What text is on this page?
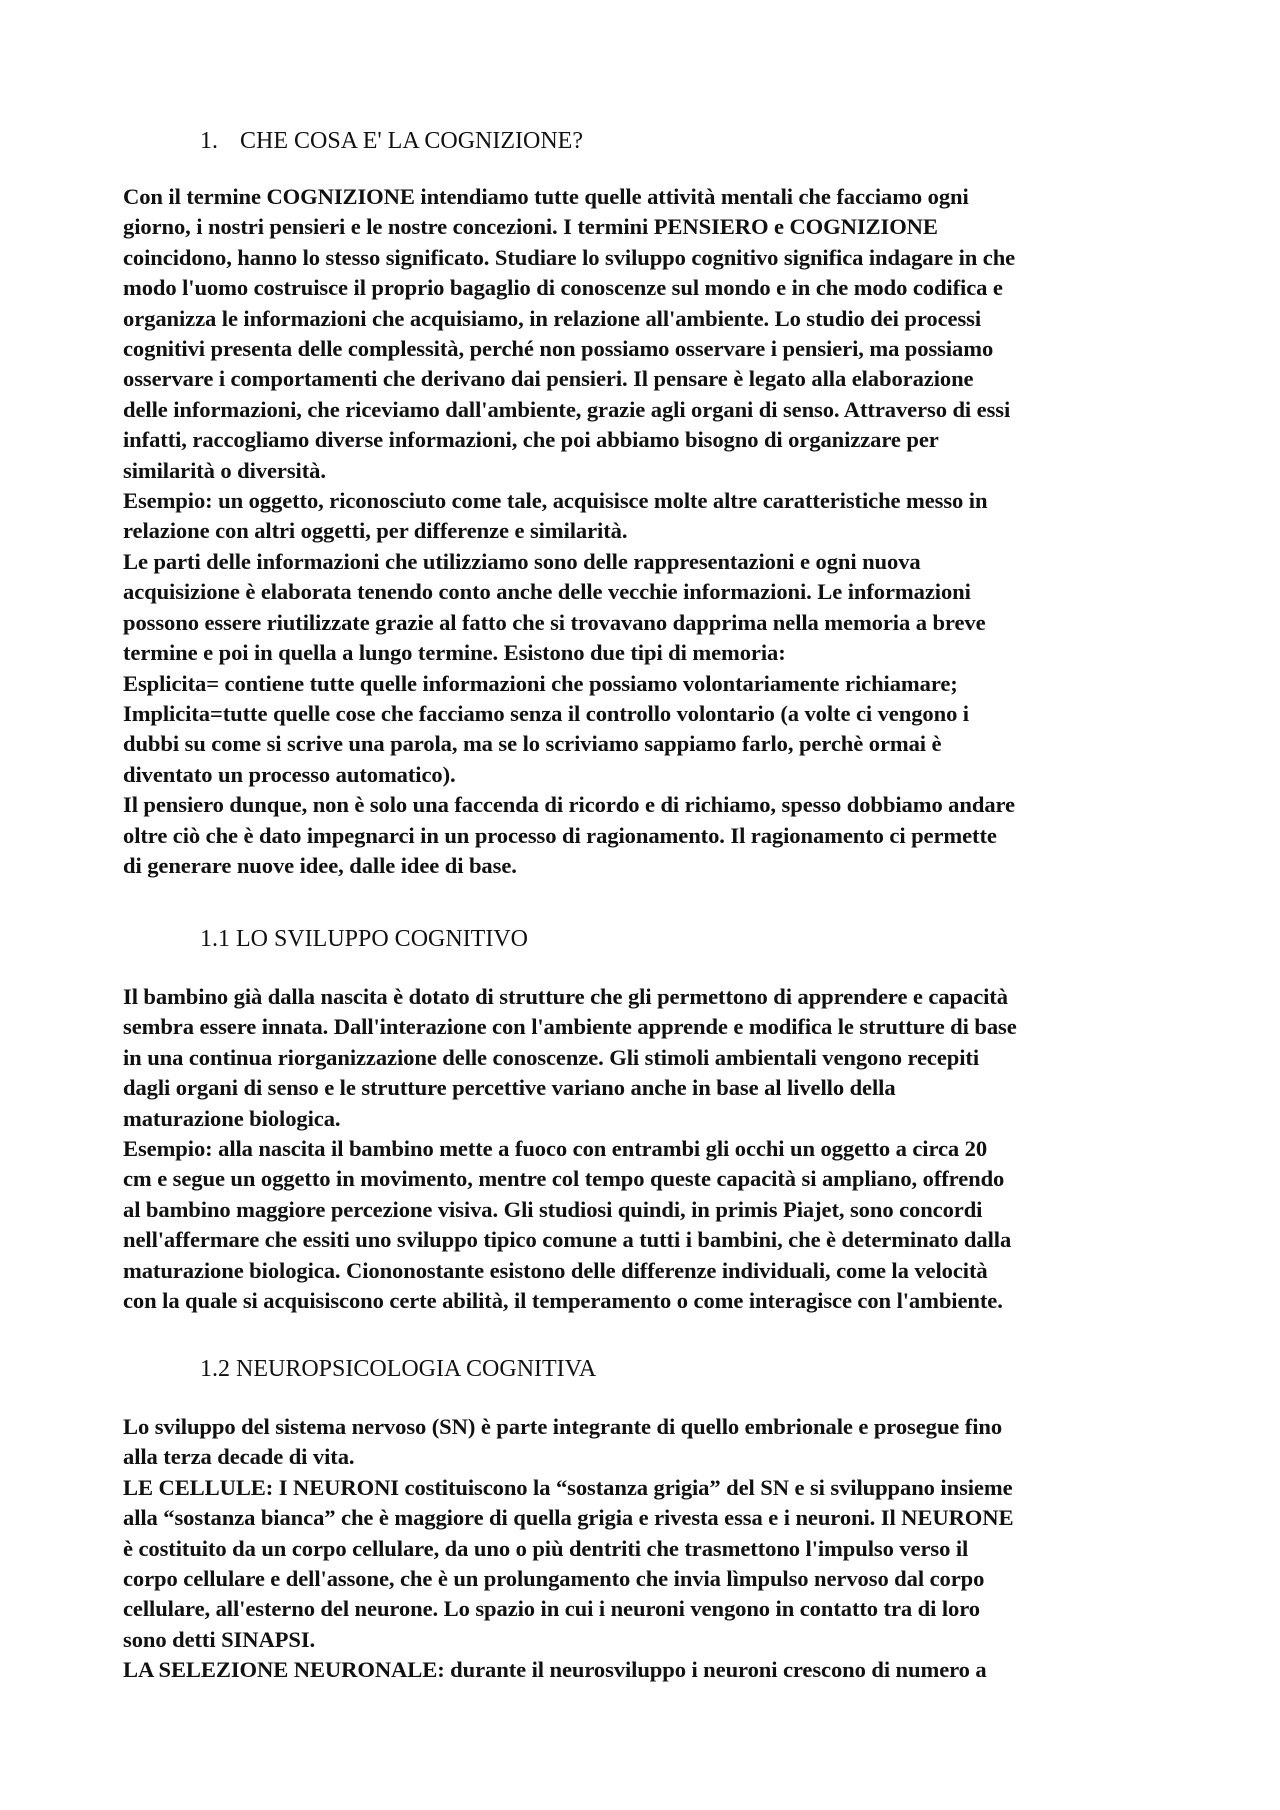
1. CHE COSA E' LA COGNIZIONE?
Con il termine COGNIZIONE intendiamo tutte quelle attività mentali che facciamo ogni
giorno, i nostri pensieri e le nostre concezioni. I termini PENSIERO e COGNIZIONE
coincidono, hanno lo stesso significato. Studiare lo sviluppo cognitivo significa indagare in che
modo l'uomo costruisce il proprio bagaglio di conoscenze sul mondo e in che modo codifica e
organizza le informazioni che acquisiamo, in relazione all'ambiente. Lo studio dei processi
cognitivi presenta delle complessità, perché non possiamo osservare i pensieri, ma possiamo
osservare i comportamenti che derivano dai pensieri. Il pensare è legato alla elaborazione
delle informazioni, che riceviamo dall'ambiente, grazie agli organi di senso. Attraverso di essi
infatti, raccogliamo diverse informazioni, che poi abbiamo bisogno di organizzare per
similarità o diversità.
Esempio: un oggetto, riconosciuto come tale, acquisisce molte altre caratteristiche messo in
relazione con altri oggetti, per differenze e similarità.
Le parti delle informazioni che utilizziamo sono delle rappresentazioni e ogni nuova
acquisizione è elaborata tenendo conto anche delle vecchie informazioni. Le informazioni
possono essere riutilizzate grazie al fatto che si trovavano dapprima nella memoria a breve
termine e poi in quella a lungo termine. Esistono due tipi di memoria:
Esplicita= contiene tutte quelle informazioni che possiamo volontariamente richiamare;
Implicita=tutte quelle cose che facciamo senza il controllo volontario (a volte ci vengono i
dubbi su come si scrive una parola, ma se lo scriviamo sappiamo farlo, perchè ormai è
diventato un processo automatico).
Il pensiero dunque, non è solo una faccenda di ricordo e di richiamo, spesso dobbiamo andare
oltre ciò che è dato impegnarci in un processo di ragionamento. Il ragionamento ci permette
di generare nuove idee, dalle idee di base.
1.1 LO SVILUPPO COGNITIVO
Il bambino già dalla nascita è dotato di strutture che gli permettono di apprendere e capacità
sembra essere innata. Dall'interazione con l'ambiente apprende e modifica le strutture di base
in una continua riorganizzazione delle conoscenze. Gli stimoli ambientali vengono recepiti
dagli organi di senso e le strutture percettive variano anche in base al livello della
maturazione biologica.
Esempio: alla nascita il bambino mette a fuoco con entrambi gli occhi un oggetto a circa 20
cm e segue un oggetto in movimento, mentre col tempo queste capacità si ampliano, offrendo
al bambino maggiore percezione visiva. Gli studiosi quindi, in primis Piajet, sono concordi
nell'affermare che essiti uno sviluppo tipico comune a tutti i bambini, che è determinato dalla
maturazione biologica. Ciononostante esistono delle differenze individuali, come la velocità
con la quale si acquisiscono certe abilità, il temperamento o come interagisce con l'ambiente.
1.2 NEUROPSICOLOGIA COGNITIVA
Lo sviluppo del sistema nervoso (SN) è parte integrante di quello embrionale e prosegue fino
alla terza decade di vita.
LE CELLULE: I NEURONI costituiscono la “sostanza grigia” del SN e si sviluppano insieme
alla “sostanza bianca” che è maggiore di quella grigia e rivesta essa e i neuroni. Il NEURONE
è costituito da un corpo cellulare, da uno o più dentriti che trasmettono l'impulso verso il
corpo cellulare e dell'assone, che è un prolungamento che invia lìmpulso nervoso dal corpo
cellulare, all'esterno del neurone. Lo spazio in cui i neuroni vengono in contatto tra di loro
sono detti SINAPSI.
LA SELEZIONE NEURONALE: durante il neurosviluppo i neuroni crescono di numero a
